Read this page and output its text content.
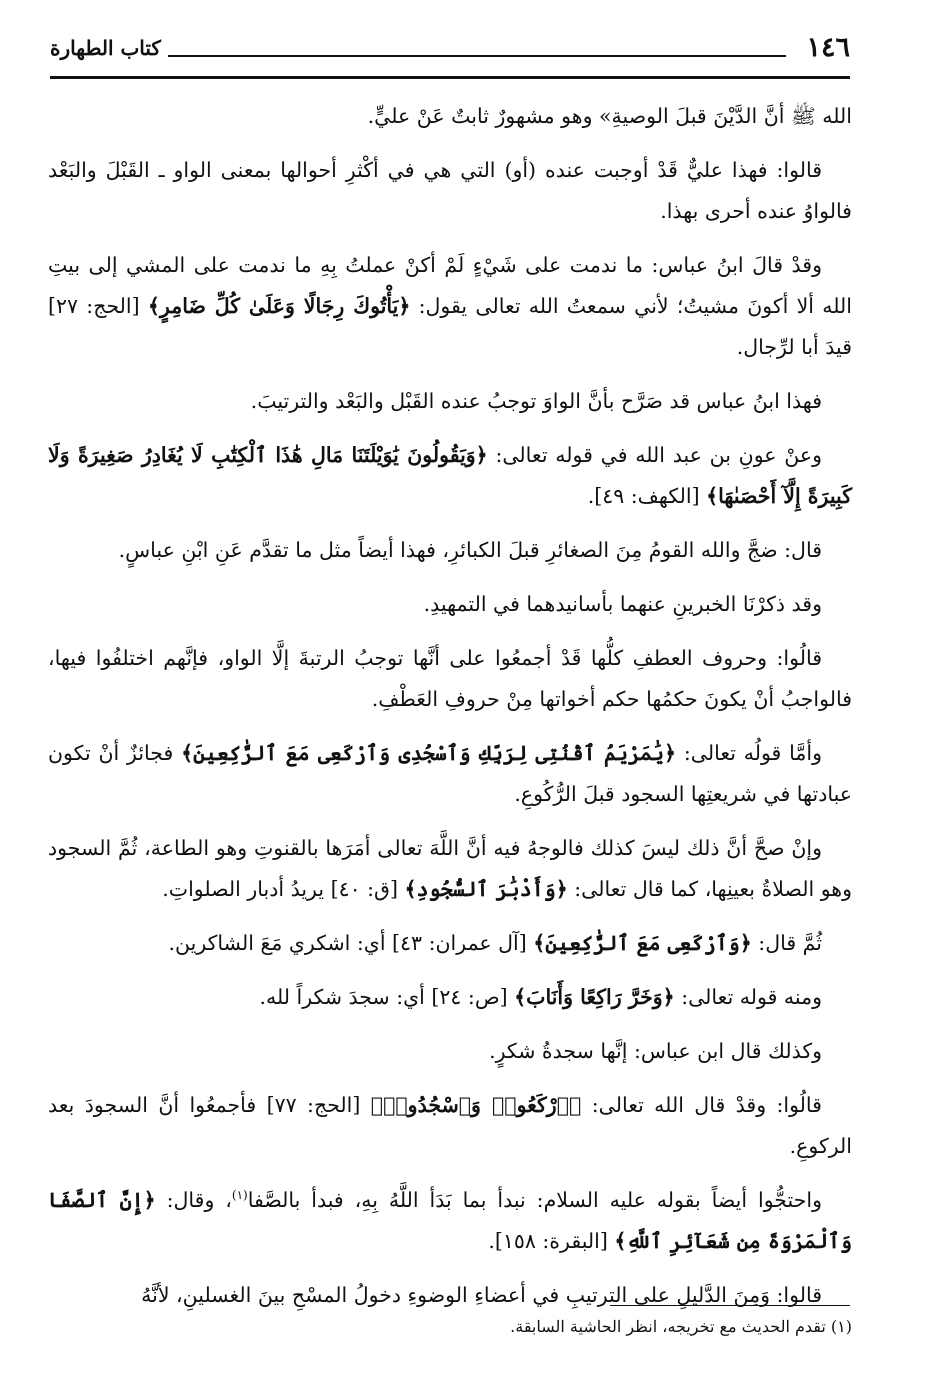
١٤٦
كتاب الطهارة

الله ﷺ أنَّ الدَّيْنَ قبلَ الوصيةِ» وهو مشهورٌ ثابتٌ عَنْ عليٍّ.

قالوا: فهذا عليٌّ قَدْ أوجبت عنده (أو) التي هي في أكْثرِ أحوالها بمعنى الواو ـ القَبْلَ والبَعْد فالواوُ عنده أحرى بهذا.

وقدْ قالَ ابنُ عباس: ما ندمت على شَيْءٍ لَمْ أكنْ عملتُ بِهِ ما ندمت على المشي إلى بيتِ الله ألا أكونَ مشيتُ؛ لأني سمعتُ الله تعالى يقول: ﴿يَأْتُوكَ رِجَالًا وَعَلَىٰ كُلِّ ضَامِرٍ﴾ [الحج: ٢٧] قيدَ أبا لرِّجال.

فهذا ابنُ عباس قد صَرَّح بأنَّ الواوَ توجبُ عنده القَبْل والبَعْد والترتيبَ.

وعنْ عونِ بن عبد الله في قوله تعالى: ﴿وَيَقُولُونَ يَٰوَيْلَتَنَا مَالِ هَٰذَا ٱلْكِتَٰبِ لَا يُغَادِرُ صَغِيرَةً وَلَا كَبِيرَةً إِلَّآ أَحْصَىٰهَا﴾ [الكهف: ٤٩].

قال: ضجَّ والله القومُ مِنَ الصغائرِ قبلَ الكبائرِ، فهذا أيضاً مثل ما تقدَّم عَنِ ابْنِ عباسٍ.

وقد ذكرْنَا الخبرينِ عنهما بأسانيدهما في التمهيدِ.

قالُوا: وحروف العطفِ كلُّها قَدْ أجمعُوا على أنَّها توجبُ الرتبةَ إلَّا الواو، فإنَّهم اختلفُوا فيها، فالواجبُ أنْ يكونَ حكمُها حكم أخواتها مِنْ حروفِ العَطْفِ.

وأمَّا قولُه تعالى: ﴿يَٰمَرْيَمُ ٱقْنُتِى لِرَبِّكِ وَٱسْجُدِى وَٱرْكَعِى مَعَ ٱلرَّٰكِعِينَ﴾ فجائزٌ أنْ تكون عبادتها في شريعتِها السجود قبلَ الرُّكُوعِ.

وإنْ صحَّ أنَّ ذلك ليسَ كذلك فالوجهُ فيه أنَّ اللَّهَ تعالى أمَرَها بالقنوتِ وهو الطاعة، ثُمَّ السجود وهو الصلاةُ بعينِها، كما قال تعالى: ﴿وَأَدْبَٰرَ ٱلسُّجُودِ﴾ [ق: ٤٠] يريدُ أدبار الصلواتِ.

ثُمَّ قال: ﴿وَٱرْكَعِى مَعَ ٱلرَّٰكِعِينَ﴾ [آل عمران: ٤٣] أي: اشكري مَعَ الشاكرين.

ومنه قوله تعالى: ﴿وَخَرَّ رَاكِعًا وَأَنَابَ﴾ [ص: ٢٤] أي: سجدَ شكراً لله.

وكذلك قال ابن عباس: إنَّها سجدةُ شكرٍ.

قالُوا: وقدْ قال الله تعالى: ﴿ٱرْكَعُوا۟ وَٱسْجُدُوا۟﴾ [الحج: ٧٧] فأجمعُوا أنَّ السجودَ بعد الركوعِ.

واحتجُّوا أيضاً بقوله عليه السلام: نبدأ بما بَدَأ اللَّهُ بِهِ، فبدأ بالصَّفا$^{(١)}$، وقال: ﴿إِنَّ ٱلصَّفَا وَٱلْمَرْوَةَ مِن شَعَآئِرِ ٱللَّهِ﴾ [البقرة: ١٥٨].

قالوا: وَمِنَ الدَّليلِ على الترتيبِ في أعضاءِ الوضوءِ دخولُ المسْحِ بينَ الغسلينِ، لأنَّهُ

(١) تقدم الحديث مع تخريجه، انظر الحاشية السابقة.
